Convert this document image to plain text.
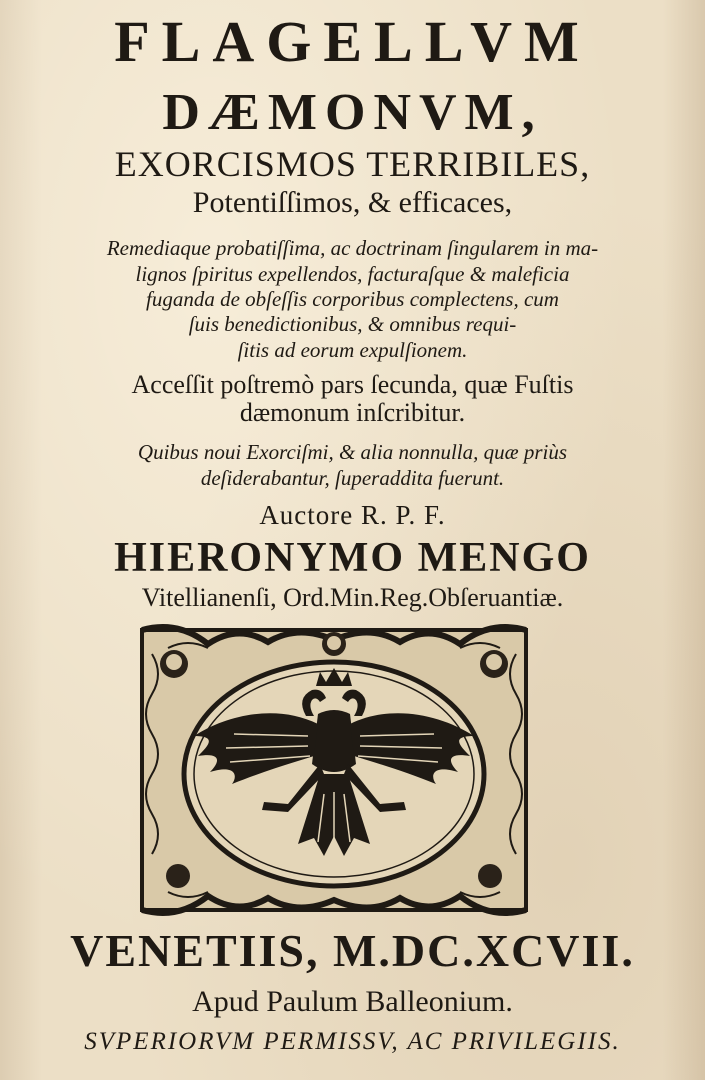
FLAGELLVM
DÆMONVM,
EXORCISMOS TERRIBILES,
Potentiſſimos, & efficaces,
Remediaque probatiſſima, ac doctrinam ſingularem in ma-
lignos ſpiritus expellendos, facturaſque & maleficia
fuganda de obſeſſis corporibus complectens, cum
ſuis benedictionibus, & omnibus requi-
ſitis ad eorum expulſionem.
Acceſſit poſtremò pars ſecunda, quæ Fuſtis
dæmonum inſcribitur.
Quibus noui Exorciſmi, & alia nonnulla, quæ priùs
deſiderabantur, ſuperaddita fuerunt.
Auctore R. P. F.
HIERONYMO MENGO
Vitellianenſi, Ord.Min.Reg.Obſeruantiæ.
VENETIIS, M.DC.XCVII.
Apud Paulum Balleonium.
SVPERIORVM PERMISSV, AC PRIVILEGIIS.
